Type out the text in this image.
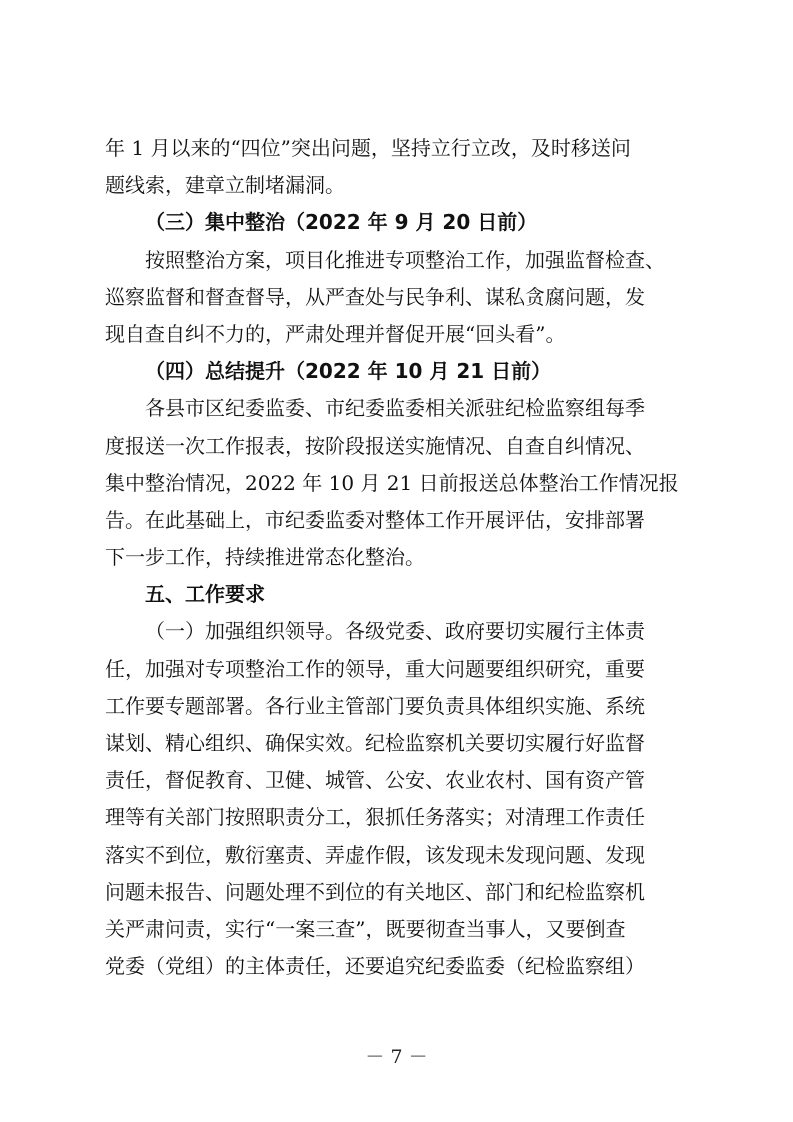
年 1 月以来的“四位”突出问题，坚持立行立改，及时移送问
题线索，建章立制堵漏洞。
（三）集中整治（2022 年 9 月 20 日前）
按照整治方案，项目化推进专项整治工作，加强监督检查、
巡察监督和督查督导，从严查处与民争利、谋私贪腐问题，发
现自查自纠不力的，严肃处理并督促开展“回头看”。
（四）总结提升（2022 年 10 月 21 日前）
各县市区纪委监委、市纪委监委相关派驻纪检监察组每季
度报送一次工作报表，按阶段报送实施情况、自查自纠情况、
集中整治情况，2022 年 10 月 21 日前报送总体整治工作情况报
告。在此基础上，市纪委监委对整体工作开展评估，安排部署
下一步工作，持续推进常态化整治。
五、工作要求
（一）加强组织领导。各级党委、政府要切实履行主体责
任，加强对专项整治工作的领导，重大问题要组织研究，重要
工作要专题部署。各行业主管部门要负责具体组织实施、系统
谋划、精心组织、确保实效。纪检监察机关要切实履行好监督
责任，督促教育、卫健、城管、公安、农业农村、国有资产管
理等有关部门按照职责分工，狠抓任务落实；对清理工作责任
落实不到位，敷衍塞责、弄虚作假，该发现未发现问题、发现
问题未报告、问题处理不到位的有关地区、部门和纪检监察机
关严肃问责，实行“一案三查”，既要彻查当事人，又要倒查
党委（党组）的主体责任，还要追究纪委监委（纪检监察组）
－ 7 －
